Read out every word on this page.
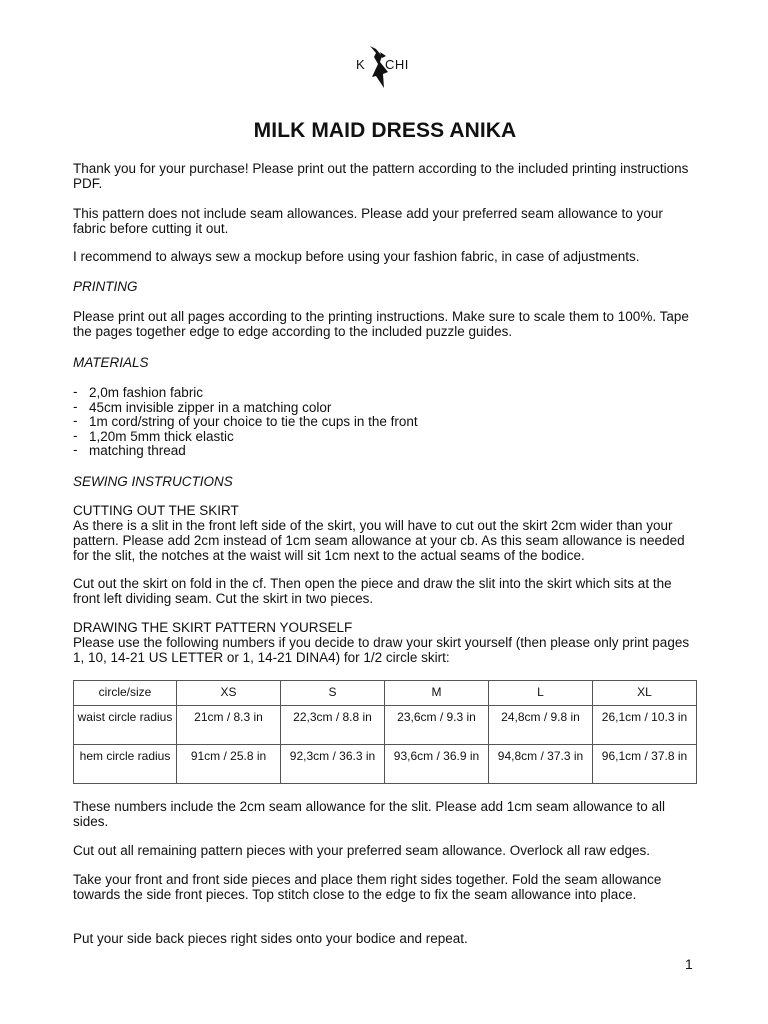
K CHI
MILK MAID DRESS ANIKA

Thank you for your purchase! Please print out the pattern according to the included printing instructions PDF.

This pattern does not include seam allowances. Please add your preferred seam allowance to your fabric before cutting it out.

I recommend to always sew a mockup before using your fashion fabric, in case of adjustments.

PRINTING

Please print out all pages according to the printing instructions. Make sure to scale them to 100%. Tape the pages together edge to edge according to the included puzzle guides.

MATERIALS

- 2,0m fashion fabric
- 45cm invisible zipper in a matching color
- 1m cord/string of your choice to tie the cups in the front
- 1,20m 5mm thick elastic
- matching thread

SEWING INSTRUCTIONS

CUTTING OUT THE SKIRT

As there is a slit in the front left side of the skirt, you will have to cut out the skirt 2cm wider than your pattern. Please add 2cm instead of 1cm seam allowance at your cb. As this seam allowance is needed for the slit, the notches at the waist will sit 1cm next to the actual seams of the bodice.

Cut out the skirt on fold in the cf. Then open the piece and draw the slit into the skirt which sits at the front left dividing seam. Cut the skirt in two pieces.

DRAWING THE SKIRT PATTERN YOURSELF

Please use the following numbers if you decide to draw your skirt yourself (then please only print pages 1, 10, 14-21 US LETTER or 1, 14-21 DINA4) for 1/2 circle skirt:

circle/size	XS	S	M	L	XL
waist circle radius	21cm / 8.3 in	22,3cm / 8.8 in	23,6cm / 9.3 in	24,8cm / 9.8 in	26,1cm / 10.3 in
hem circle radius	91cm / 25.8 in	92,3cm / 36.3 in	93,6cm / 36.9 in	94,8cm / 37.3 in	96,1cm / 37.8 in

These numbers include the 2cm seam allowance for the slit. Please add 1cm seam allowance to all sides.

Cut out all remaining pattern pieces with your preferred seam allowance. Overlock all raw edges.

Take your front and front side pieces and place them right sides together. Fold the seam allowance towards the side front pieces. Top stitch close to the edge to fix the seam allowance into place.

Put your side back pieces right sides onto your bodice and repeat.

1
